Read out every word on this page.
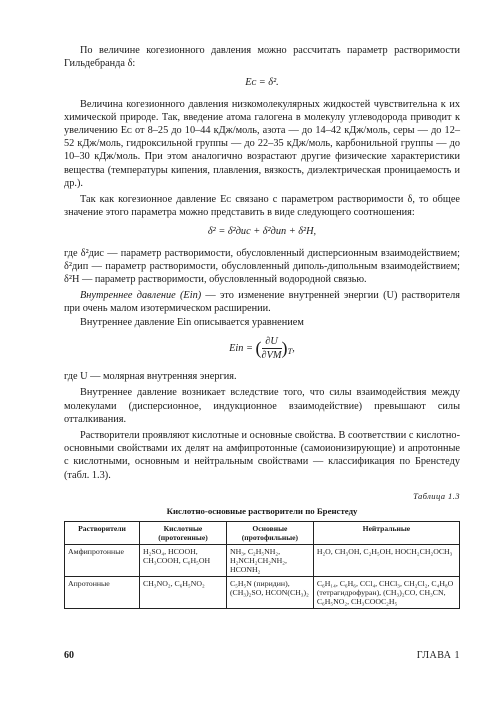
По величине когезионного давления можно рассчитать параметр растворимости Гильдебранда δ:

Eᴄ = δ².

Величина когезионного давления низкомолекулярных жидкостей чувствительна к их химической природе. Так, введение атома галогена в молекулу углеводорода приводит к увеличению Eᴄ от 8–25 до 10–44 кДж/моль, азота — до 14–42 кДж/моль, серы — до 12–52 кДж/моль, гидроксильной группы — до 22–35 кДж/моль, карбонильной группы — до 10–30 кДж/моль. При этом аналогично возрастают другие физические характеристики вещества (температуры кипения, плавления, вязкость, диэлектрическая проницаемость и др.).

Так как когезионное давление Eᴄ связано с параметром растворимости δ, то общее значение этого параметра можно представить в виде следующего соотношения:

δ² = δ²дис + δ²дип + δ²H,

где δ²дис — параметр растворимости, обусловленный дисперсионным взаимодействием; δ²дип — параметр растворимости, обусловленный диполь-дипольным взаимодействием; δ²H — параметр растворимости, обусловленный водородной связью.

Внутреннее давление (Ein) — это изменение внутренней энергии (U) растворителя при очень малом изотермическом расширении.

Внутреннее давление Ein описывается уравнением

Ein = ( $\frac{\partial U}{\partial VM} )_T$,

где U — молярная внутренняя энергия.

Внутреннее давление возникает вследствие того, что силы взаимодействия между молекулами (дисперсионное, индукционное взаимодействие) превышают силы отталкивания.

Растворители проявляют кислотные и основные свойства. В соответствии с кислотно-основными свойствами их делят на амфипротонные (самоионизирующие) и апротонные с кислотными, основным и нейтральным свойствами — классификация по Бренстеду (табл. 1.3).

Таблица 1.3
Кислотно-основные растворители по Бренстеду
Растворители	Кислотные (протогенные)	Основные (протофильные)	Нейтральные
Амфипротонные	H₂SO₄, HCOOH, CH₃COOH, C₆H₅OH	NH₃, C₂H₅NH₂, H₂NCH₂CH₂NH₂, HCONH₂	H₂O, CH₃OH, C₂H₅OH, HOCH₂CH₂OCH₃
Апротонные	CH₃NO₂, C₆H₅NO₂	C₅H₅N (пиридин), (CH₃)₂SO, HCON(CH₃)₂	C₆H₁₄, C₆H₆, CCl₄, CHCl₃, CH₂Cl₂, C₄H₈O (тетрагидрофуран), (CH₃)₂CO, CH₃CN, C₆H₅NO₂, CH₃COOC₂H₅
60	ГЛАВА 1
